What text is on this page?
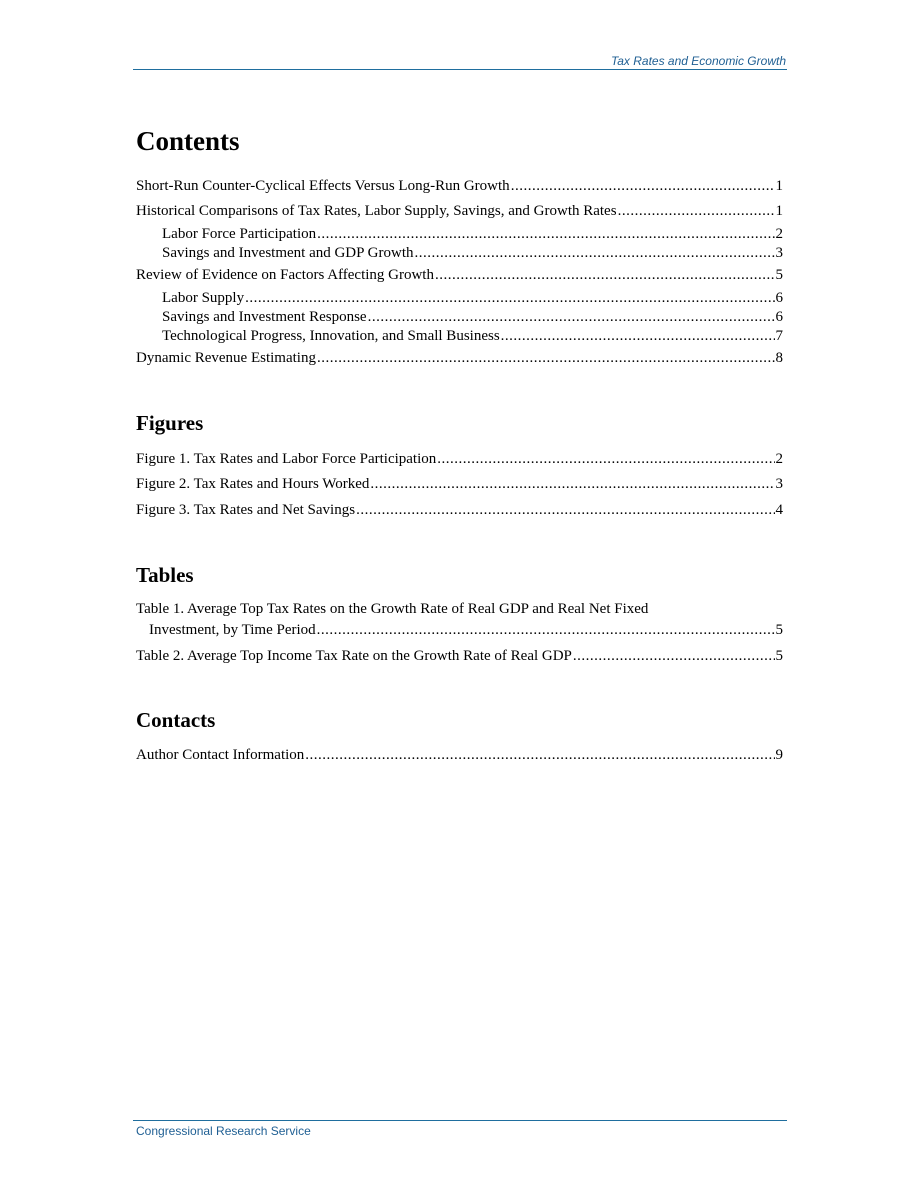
Tax Rates and Economic Growth
Contents
Short-Run Counter-Cyclical Effects Versus Long-Run Growth .....	1
Historical Comparisons of Tax Rates, Labor Supply, Savings, and Growth Rates .....	1
Labor Force Participation .....	2
Savings and Investment and GDP Growth .....	3
Review of Evidence on Factors Affecting Growth .....	5
Labor Supply .....	6
Savings and Investment Response .....	6
Technological Progress, Innovation, and Small Business .....	7
Dynamic Revenue Estimating .....	8
Figures
Figure 1. Tax Rates and Labor Force Participation .....	2
Figure 2. Tax Rates and Hours Worked .....	3
Figure 3. Tax Rates and Net Savings .....	4
Tables
Table 1. Average Top Tax Rates on the Growth Rate of Real GDP and Real Net Fixed
Investment, by Time Period .....	5
Table 2. Average Top Income Tax Rate on the Growth Rate of Real GDP .....	5
Contacts
Author Contact Information .....	9
Congressional Research Service
